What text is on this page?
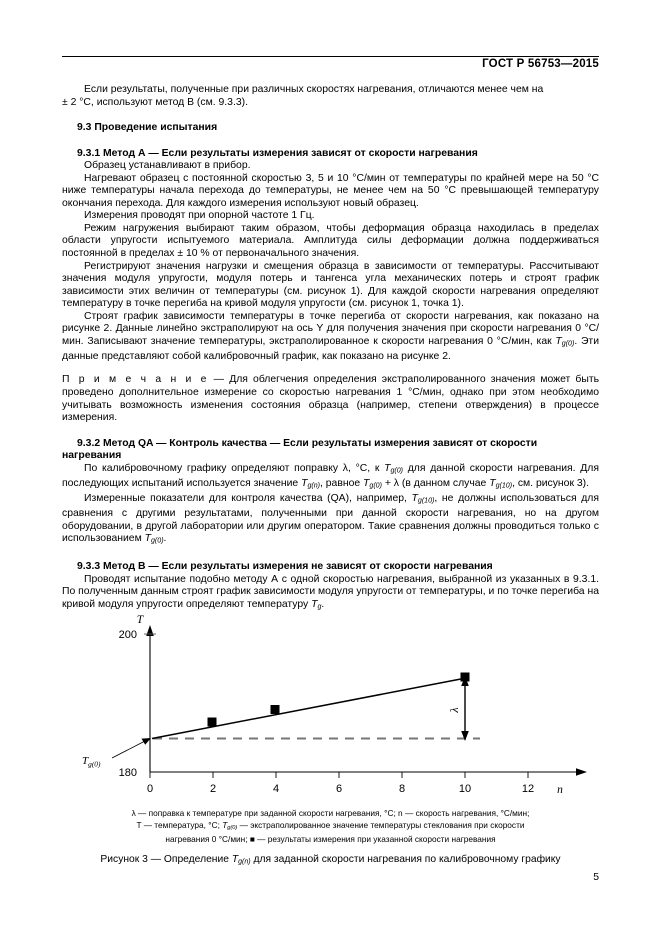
ГОСТ Р 56753—2015

Если результаты, полученные при различных скоростях нагревания, отличаются менее чем на

± 2 °C, используют метод В (см. 9.3.3).

9.3 Проведение испытания

9.3.1 Метод А — Если результаты измерения зависят от скорости нагревания

Образец устанавливают в прибор.

Нагревают образец с постоянной скоростью 3, 5 и 10 °C/мин от температуры по крайней мере на 50 °C ниже температуры начала перехода до температуры, не менее чем на 50 °C превышающей температуру окончания перехода. Для каждого измерения используют новый образец.

Измерения проводят при опорной частоте 1 Гц.

Режим нагружения выбирают таким образом, чтобы деформация образца находилась в пределах области упругости испытуемого материала. Амплитуда силы деформации должна поддерживаться постоянной в пределах ± 10 % от первоначального значения.

Регистрируют значения нагрузки и смещения образца в зависимости от температуры. Рассчитывают значения модуля упругости, модуля потерь и тангенса угла механических потерь и строят график зависимости этих величин от температуры (см. рисунок 1). Для каждой скорости нагревания определяют температуру в точке перегиба на кривой модуля упругости (см. рисунок 1, точка 1).

Строят график зависимости температуры в точке перегиба от скорости нагревания, как показано на рисунке 2. Данные линейно экстраполируют на ось Y для получения значения при скорости нагревания 0 °C/мин. Записывают значение температуры, экстраполированное к скорости нагревания 0 °C/мин, как $T_{g(0)}$. Эти данные представляют собой калибровочный график, как показано на рисунке 2.

П р и м е ч а н и е — Для облегчения определения экстраполированного значения может быть проведено дополнительное измерение со скоростью нагревания 1 °C/мин, однако при этом необходимо учитывать возможность изменения состояния образца (например, степени отверждения) в процессе измерения.

9.3.2 Метод QA — Контроль качества — Если результаты измерения зависят от скорости нагревания

По калибровочному графику определяют поправку λ, °C, к $T_{g(0)}$ для данной скорости нагревания. Для последующих испытаний используется значение $T_{g(n)}$, равное $T_{g(0)} + \lambda$ (в данном случае $T_{g(10)}$, см. рисунок 3).

Измеренные показатели для контроля качества (QA), например, $T_{g(10)}$, не должны использоваться для сравнения с другими результатами, полученными при данной скорости нагревания, но на другом оборудовании, в другой лаборатории или другим оператором. Такие сравнения должны проводиться только с использованием $T_{g(0)}$.

9.3.3 Метод В — Если результаты измерения не зависят от скорости нагревания

Проводят испытание подобно методу А с одной скоростью нагревания, выбранной из указанных в 9.3.1. По полученным данным строят график зависимости модуля упругости от температуры, и по точке перегиба на кривой модуля упругости определяют температуру $T_g$.

T
200
180
0	2	4	6	8	10	12 n
λ
$T_{g(0)}$
λ — поправка к температуре при заданной скорости нагревания, °C; n — скорость нагревания, °C/мин;
T — температура, °C; $T_{g(0)}$ — экстраполированное значение температуры стеклования при скорости
нагревания 0 °C/мин; ■ — результаты измерения при указанной скорости нагревания
Рисунок 3 — Определение $T_{g(n)}$ для заданной скорости нагревания по калибровочному графику
5
